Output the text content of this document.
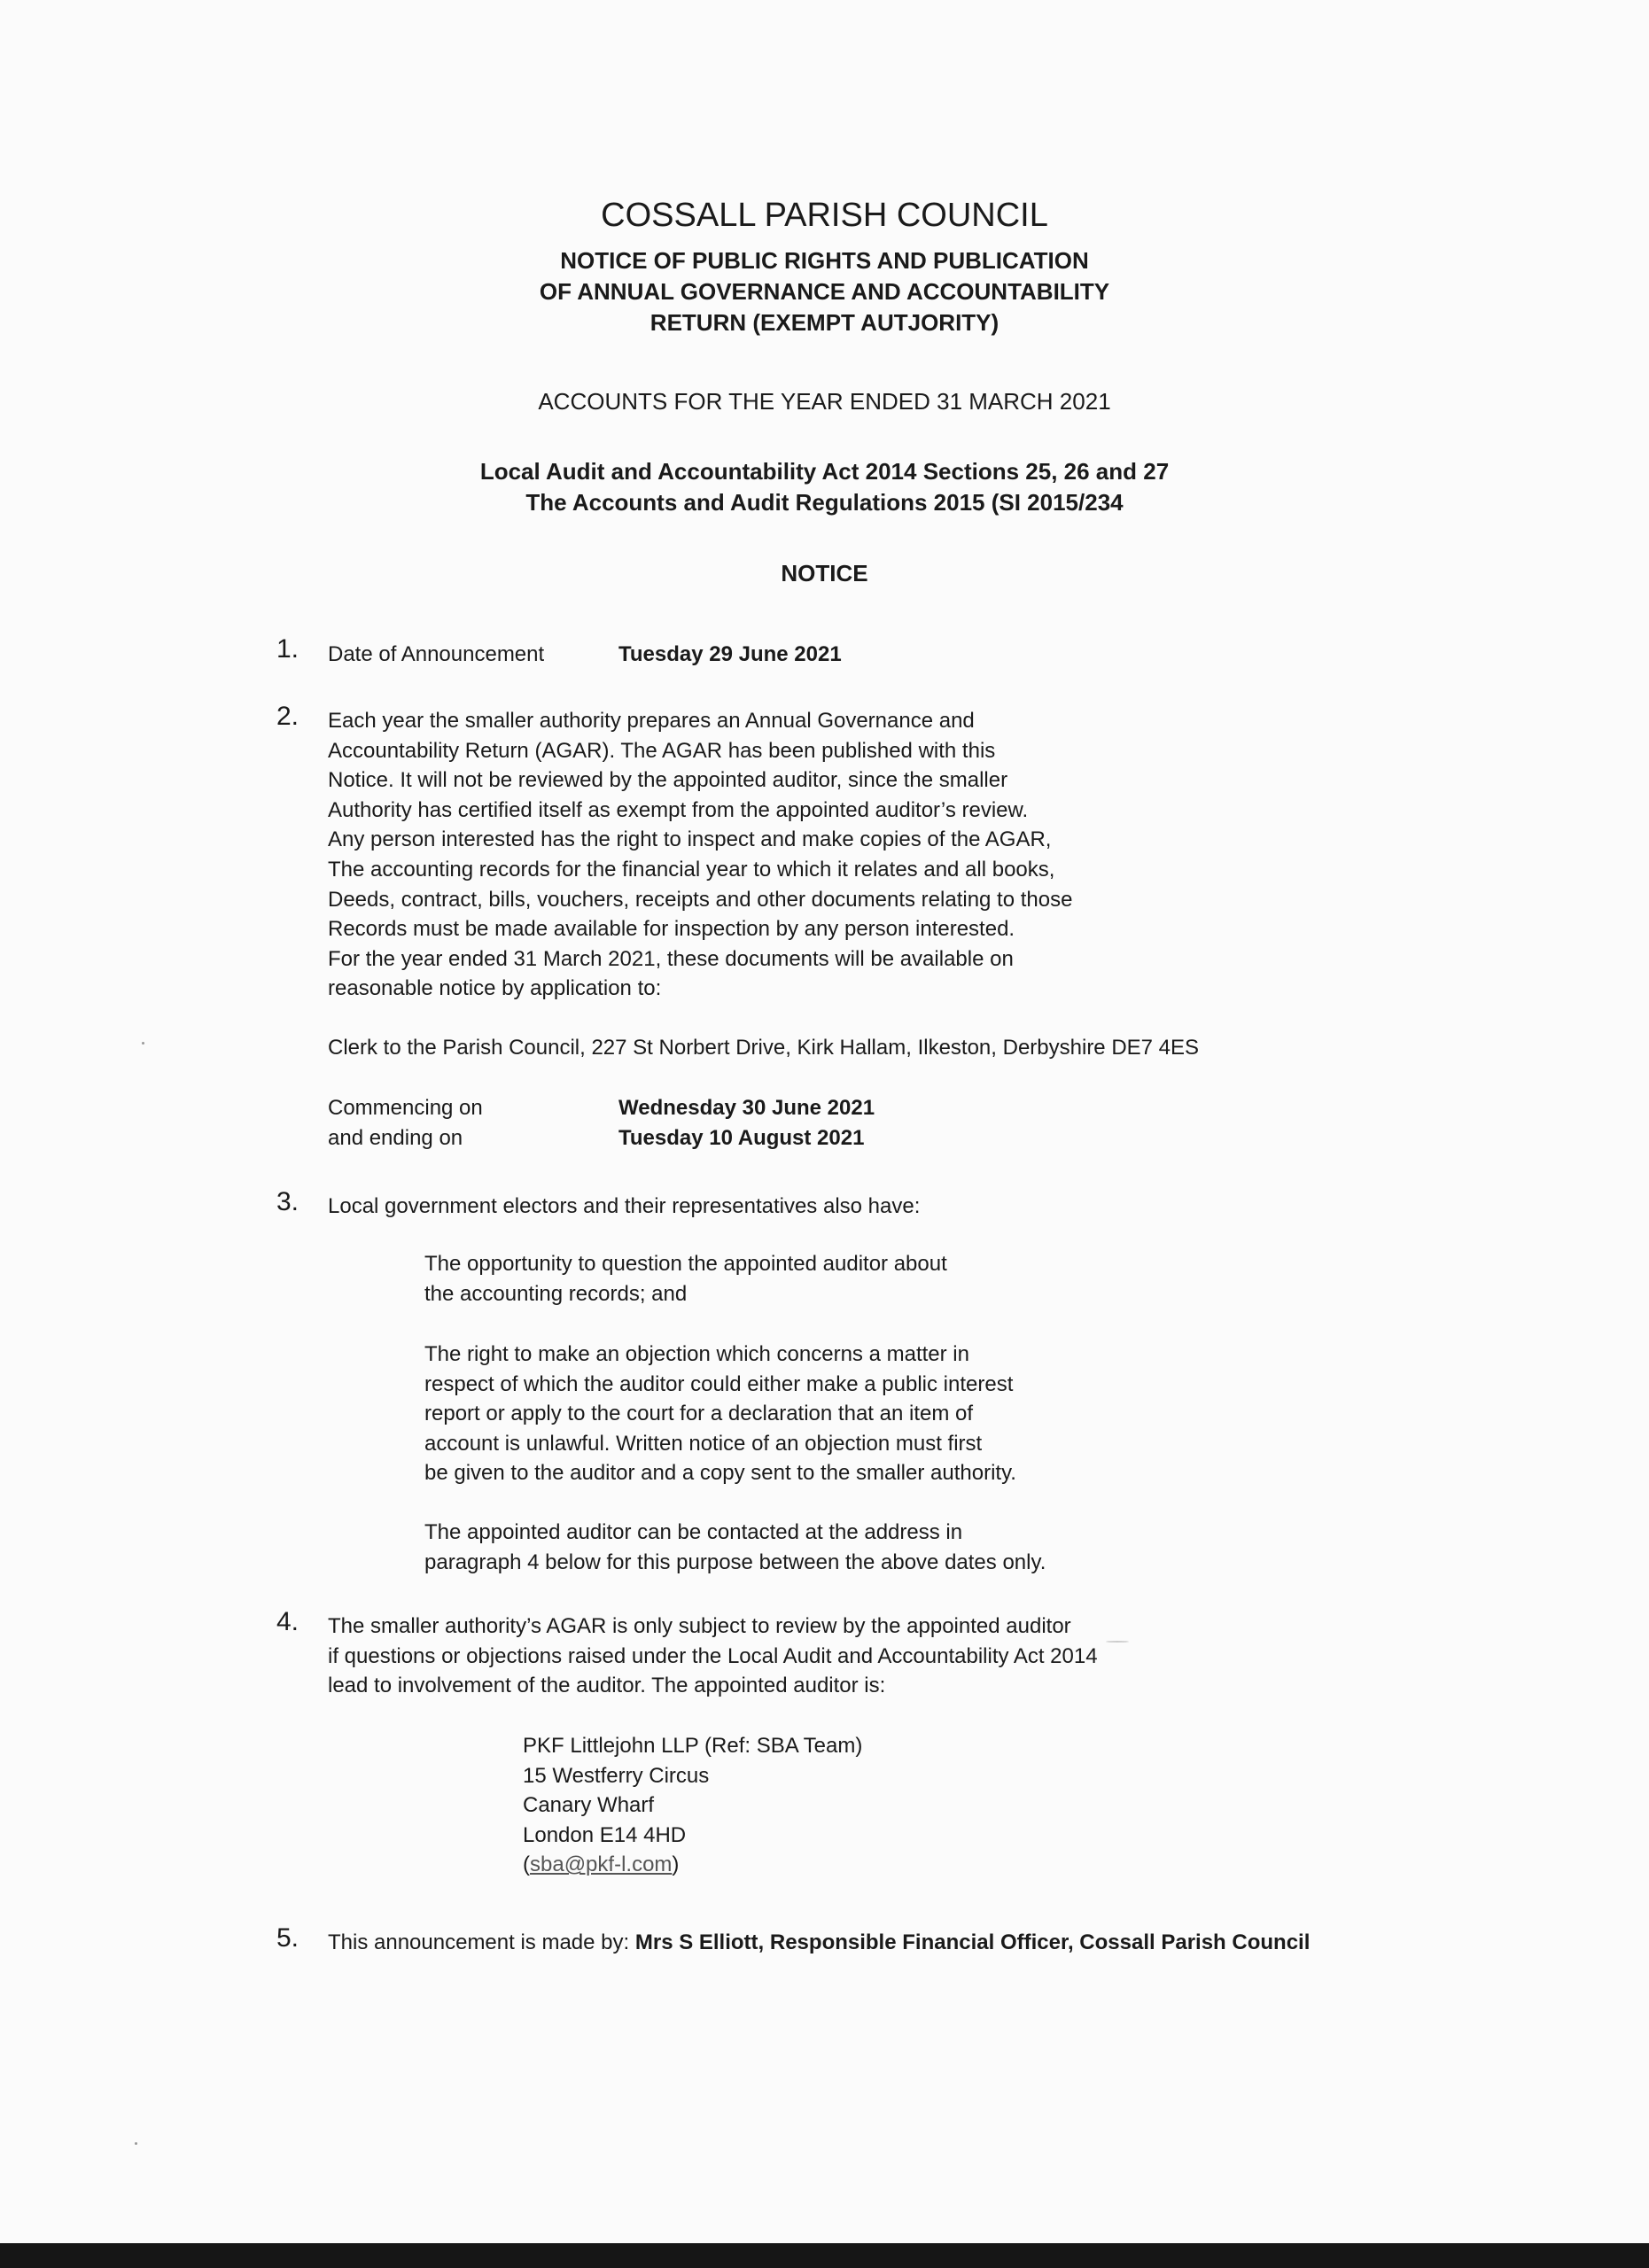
COSSALL PARISH COUNCIL
NOTICE OF PUBLIC RIGHTS AND PUBLICATION
OF ANNUAL GOVERNANCE AND ACCOUNTABILITY
RETURN (EXEMPT AUTJORITY)
ACCOUNTS FOR THE YEAR ENDED 31 MARCH 2021
Local Audit and Accountability Act 2014 Sections 25, 26 and 27
The Accounts and Audit Regulations 2015 (SI 2015/234
NOTICE
1. Date of Announcement	Tuesday 29 June 2021
2. Each year the smaller authority prepares an Annual Governance and
Accountability Return (AGAR). The AGAR has been published with this
Notice. It will not be reviewed by the appointed auditor, since the smaller
Authority has certified itself as exempt from the appointed auditor’s review.
Any person interested has the right to inspect and make copies of the AGAR,
The accounting records for the financial year to which it relates and all books,
Deeds, contract, bills, vouchers, receipts and other documents relating to those
Records must be made available for inspection by any person interested.
For the year ended 31 March 2021, these documents will be available on
reasonable notice by application to:
Clerk to the Parish Council, 227 St Norbert Drive, Kirk Hallam, Ilkeston, Derbyshire DE7 4ES
Commencing on	Wednesday 30 June 2021
and ending on	Tuesday 10 August 2021
3. Local government electors and their representatives also have:
The opportunity to question the appointed auditor about
the accounting records; and
The right to make an objection which concerns a matter in
respect of which the auditor could either make a public interest
report or apply to the court for a declaration that an item of
account is unlawful. Written notice of an objection must first
be given to the auditor and a copy sent to the smaller authority.
The appointed auditor can be contacted at the address in
paragraph 4 below for this purpose between the above dates only.
4. The smaller authority’s AGAR is only subject to review by the appointed auditor
if questions or objections raised under the Local Audit and Accountability Act 2014
lead to involvement of the auditor. The appointed auditor is:
PKF Littlejohn LLP (Ref: SBA Team)
15 Westferry Circus
Canary Wharf
London E14 4HD
(sba@pkf-l.com)
5. This announcement is made by: Mrs S Elliott, Responsible Financial Officer, Cossall Parish Council
